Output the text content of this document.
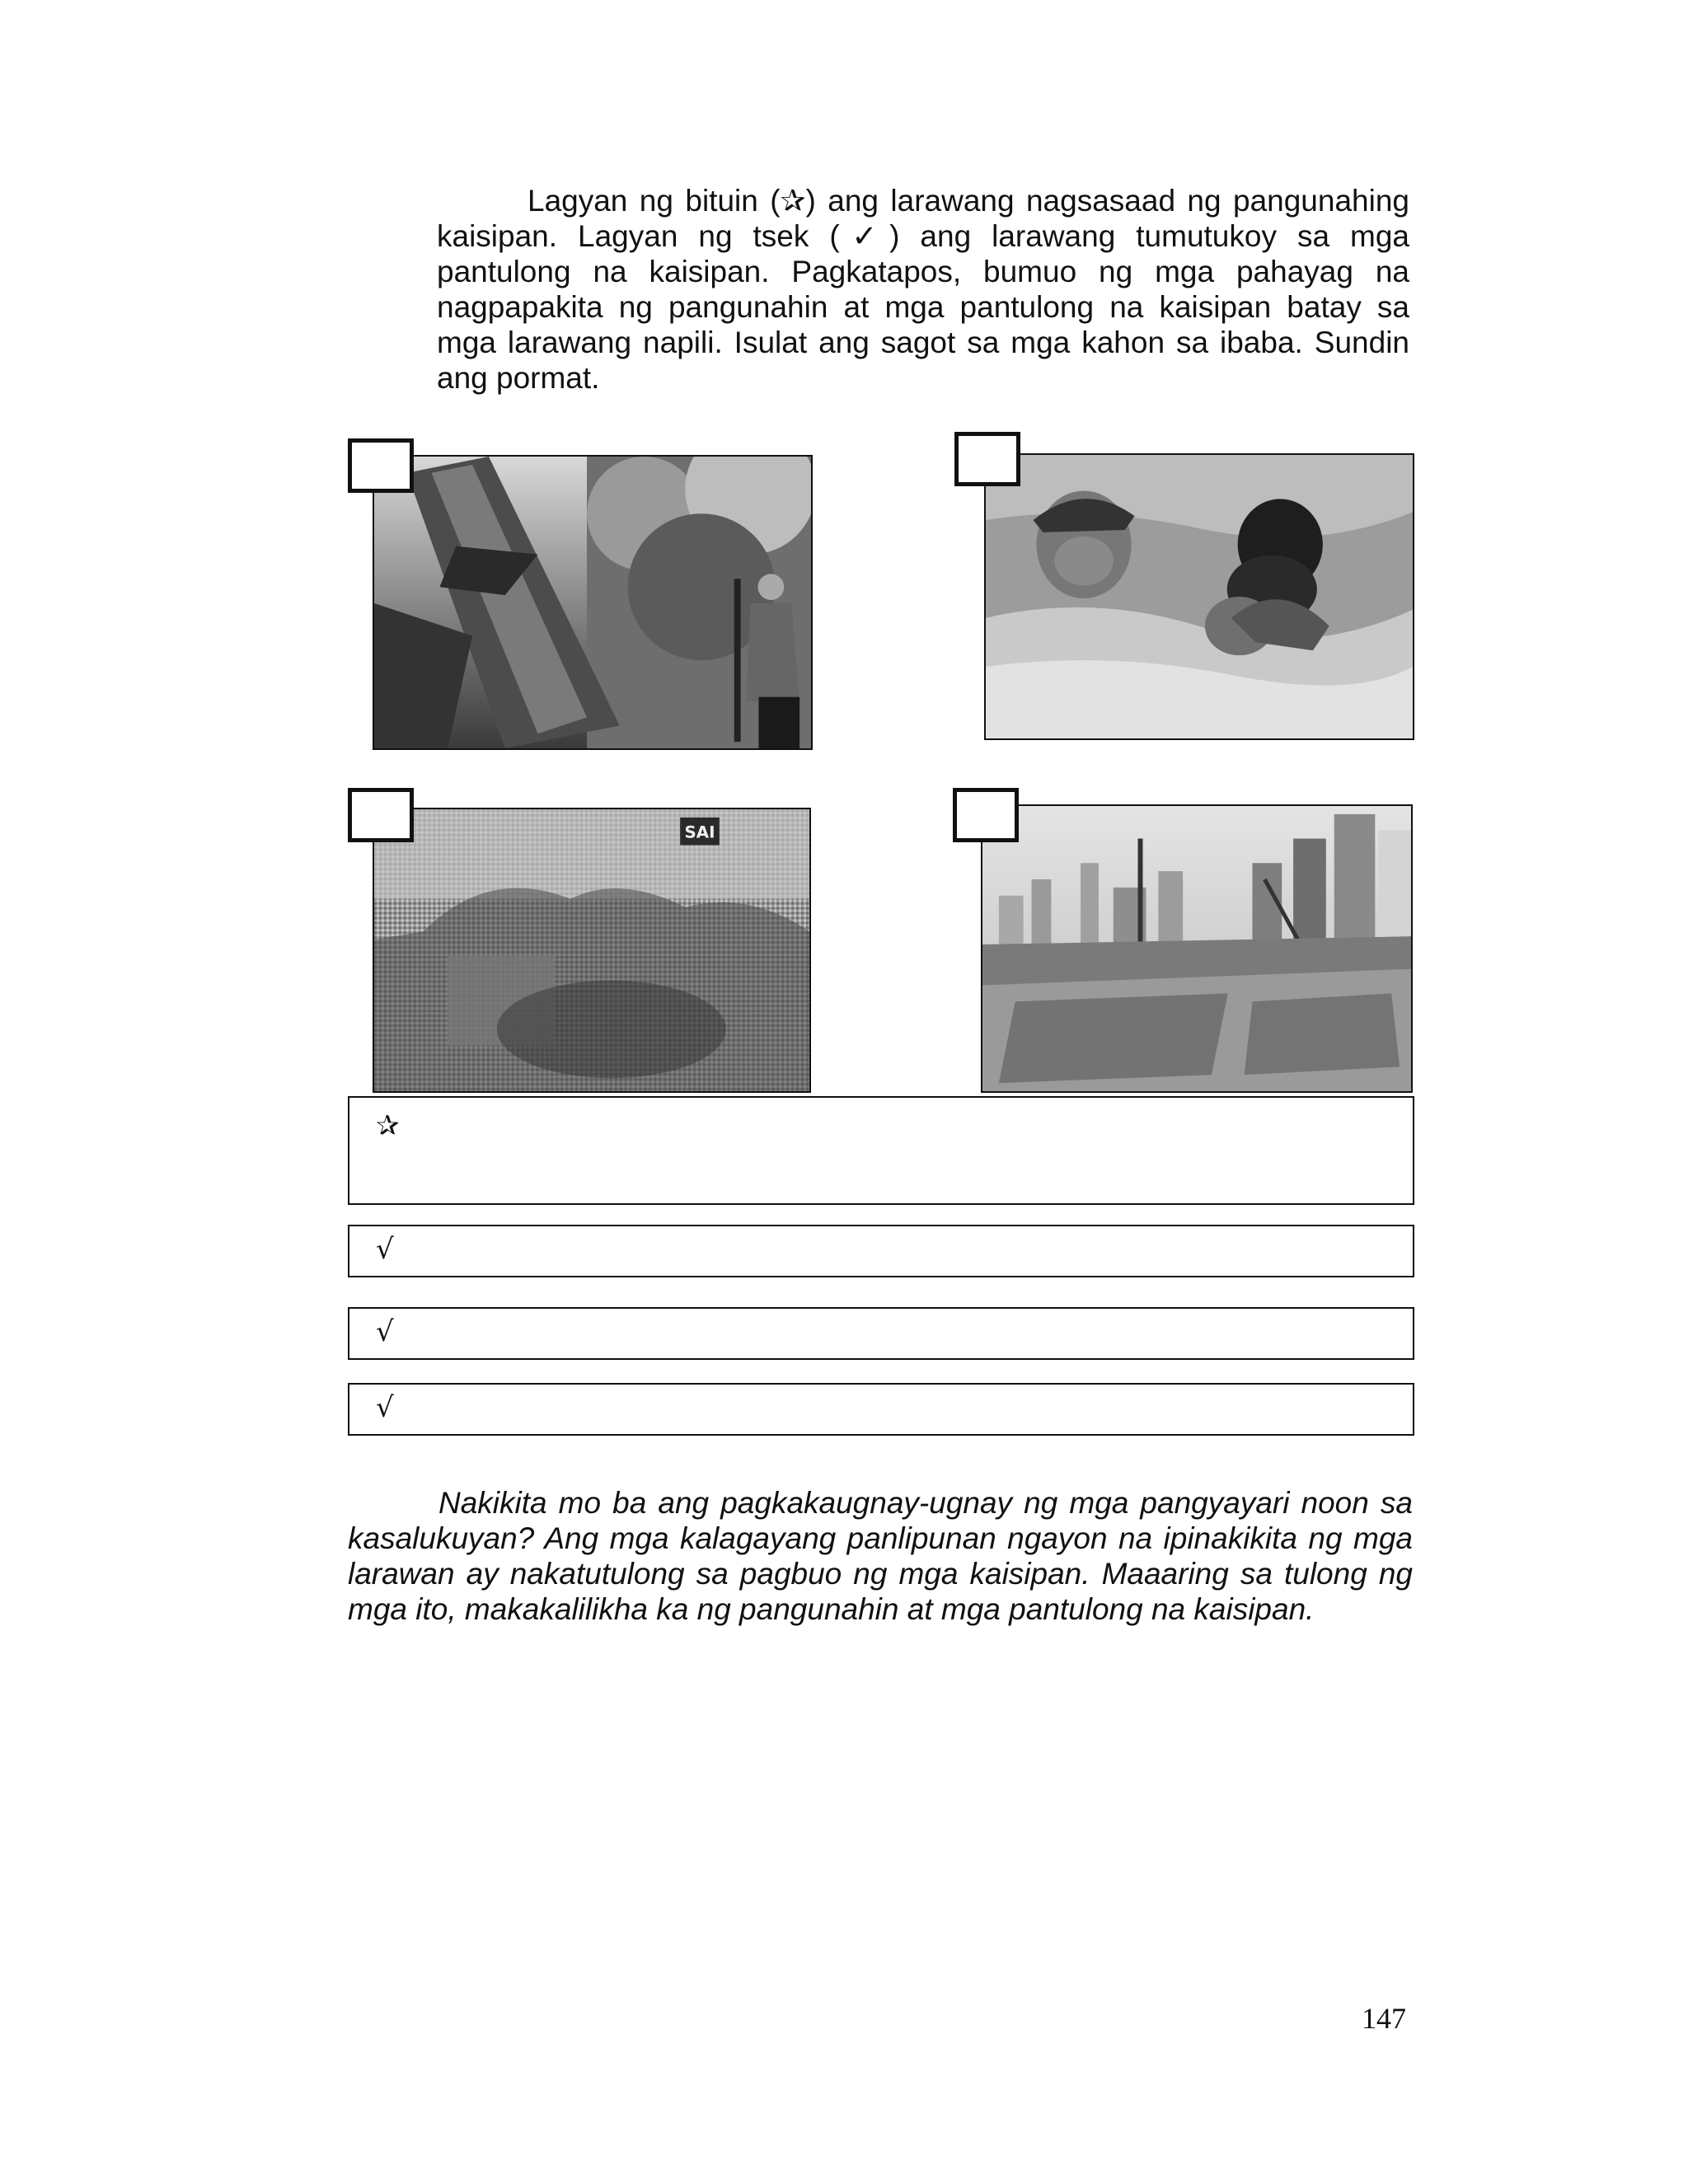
Lagyan ng bituin (✰) ang larawang nagsasaad ng pangunahing kaisipan. Lagyan ng tsek (✓) ang larawang tumutukoy sa mga pantulong na kaisipan. Pagkatapos, bumuo ng mga pahayag na nagpapakita ng pangunahin at mga pantulong na kaisipan batay sa mga larawang napili. Isulat ang sagot sa mga kahon sa ibaba. Sundin ang pormat.

SAI
✰
√
√
√

Nakikita mo ba ang pagkakaugnay-ugnay ng mga pangyayari noon sa kasalukuyan? Ang mga kalagayang panlipunan ngayon na ipinakikita ng mga larawan ay nakatutulong sa pagbuo ng mga kaisipan. Maaaring sa tulong ng mga ito, makakalilikha ka ng pangunahin at mga pantulong na kaisipan.

147
